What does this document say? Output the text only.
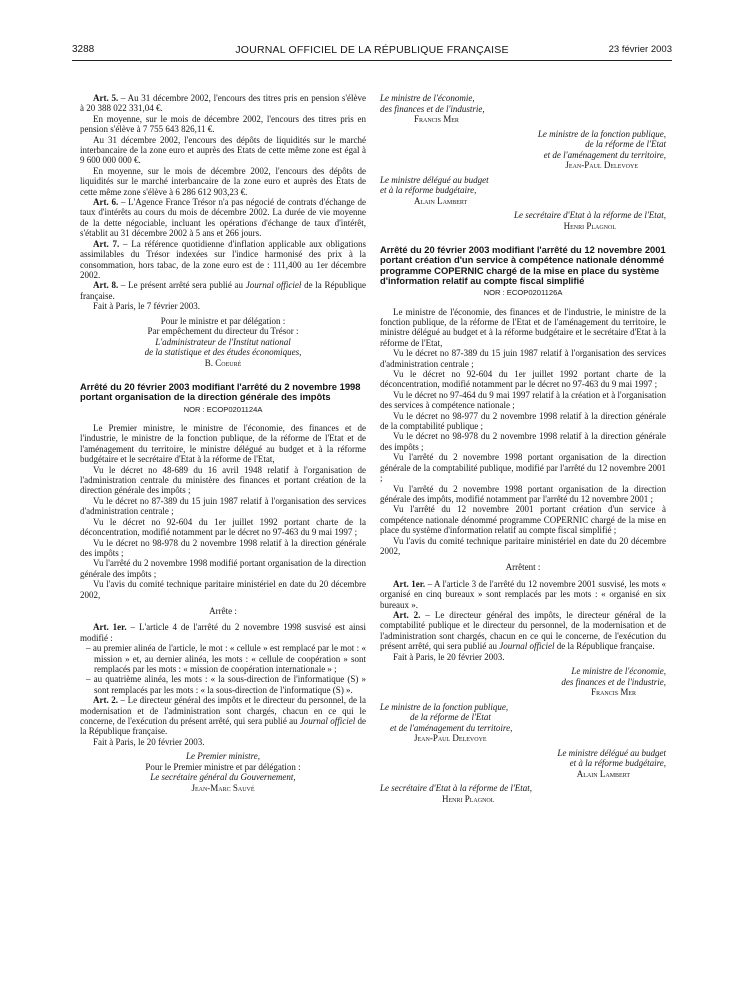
3288	JOURNAL OFFICIEL DE LA RÉPUBLIQUE FRANÇAISE	23 février 2003

Art. 5. – Au 31 décembre 2002, l'encours des titres pris en pension s'élève à 20 388 022 331,04 €.

En moyenne, sur le mois de décembre 2002, l'encours des titres pris en pension s'élève à 7 755 643 826,11 €.

Au 31 décembre 2002, l'encours des dépôts de liquidités sur le marché interbancaire de la zone euro et auprès des Etats de cette même zone est égal à 9 600 000 000 €.

En moyenne, sur le mois de décembre 2002, l'encours des dépôts de liquidités sur le marché interbancaire de la zone euro et auprès des Etats de cette même zone s'élève à 6 286 612 903,23 €.

Art. 6. – L'Agence France Trésor n'a pas négocié de contrats d'échange de taux d'intérêts au cours du mois de décembre 2002. La durée de vie moyenne de la dette négociable, incluant les opérations d'échange de taux d'intérêt, s'établit au 31 décembre 2002 à 5 ans et 266 jours.

Art. 7. – La référence quotidienne d'inflation applicable aux obligations assimilables du Trésor indexées sur l'indice harmonisé des prix à la consommation, hors tabac, de la zone euro est de : 111,400 au 1er décembre 2002.

Art. 8. – Le présent arrêté sera publié au Journal officiel de la République française.

Fait à Paris, le 7 février 2003.

Pour le ministre et par délégation :
Par empêchement du directeur du Trésor :
L'administrateur de l'Institut national
de la statistique et des études économiques,
B. Coeuré

Arrêté du 20 février 2003 modifiant l'arrêté du 2 novembre 1998 portant organisation de la direction générale des impôts

NOR : ECOP0201124A

Le Premier ministre, le ministre de l'économie, des finances et de l'industrie, le ministre de la fonction publique, de la réforme de l'Etat et de l'aménagement du territoire, le ministre délégué au budget et à la réforme budgétaire et le secrétaire d'Etat à la réforme de l'Etat,

Vu le décret no 48-689 du 16 avril 1948 relatif à l'organisation de l'administration centrale du ministère des finances et portant création de la direction générale des impôts ;

Vu le décret no 87-389 du 15 juin 1987 relatif à l'organisation des services d'administration centrale ;

Vu le décret no 92-604 du 1er juillet 1992 portant charte de la déconcentration, modifié notamment par le décret no 97-463 du 9 mai 1997 ;

Vu le décret no 98-978 du 2 novembre 1998 relatif à la direction générale des impôts ;

Vu l'arrêté du 2 novembre 1998 modifié portant organisation de la direction générale des impôts ;

Vu l'avis du comité technique paritaire ministériel en date du 20 décembre 2002,

Arrête :

Art. 1er. – L'article 4 de l'arrêté du 2 novembre 1998 susvisé est ainsi modifié :

– au premier alinéa de l'article, le mot : « cellule » est remplacé par le mot : « mission » et, au dernier alinéa, les mots : « cellule de coopération » sont remplacés par les mots : « mission de coopération internationale » ;

– au quatrième alinéa, les mots : « la sous-direction de l'informatique (S) » sont remplacés par les mots : « la sous-direction de l'informatique (S) ».

Art. 2. – Le directeur général des impôts et le directeur du personnel, de la modernisation et de l'administration sont chargés, chacun en ce qui le concerne, de l'exécution du présent arrêté, qui sera publié au Journal officiel de la République française.

Fait à Paris, le 20 février 2003.

Le Premier ministre,
Pour le Premier ministre et par délégation :
Le secrétaire général du Gouvernement,
Jean-Marc Sauvé
Le ministre de l'économie,
des finances et de l'industrie,
Francis Mer
Le ministre de la fonction publique,
de la réforme de l'Etat
et de l'aménagement du territoire,
Jean-Paul Delevoye
Le ministre délégué au budget
et à la réforme budgétaire,
Alain Lambert
Le secrétaire d'Etat à la réforme de l'Etat,
Henri Plagnol

Arrêté du 20 février 2003 modifiant l'arrêté du 12 novembre 2001 portant création d'un service à compétence nationale dénommé programme COPERNIC chargé de la mise en place du système d'information relatif au compte fiscal simplifié

NOR : ECOP0201126A

Le ministre de l'économie, des finances et de l'industrie, le ministre de la fonction publique, de la réforme de l'Etat et de l'aménagement du territoire, le ministre délégué au budget et à la réforme budgétaire et le secrétaire d'Etat à la réforme de l'Etat,

Vu le décret no 87-389 du 15 juin 1987 relatif à l'organisation des services d'administration centrale ;

Vu le décret no 92-604 du 1er juillet 1992 portant charte de la déconcentration, modifié notamment par le décret no 97-463 du 9 mai 1997 ;

Vu le décret no 97-464 du 9 mai 1997 relatif à la création et à l'organisation des services à compétence nationale ;

Vu le décret no 98-977 du 2 novembre 1998 relatif à la direction générale de la comptabilité publique ;

Vu le décret no 98-978 du 2 novembre 1998 relatif à la direction générale des impôts ;

Vu l'arrêté du 2 novembre 1998 portant organisation de la direction générale de la comptabilité publique, modifié par l'arrêté du 12 novembre 2001 ;

Vu l'arrêté du 2 novembre 1998 portant organisation de la direction générale des impôts, modifié notamment par l'arrêté du 12 novembre 2001 ;

Vu l'arrêté du 12 novembre 2001 portant création d'un service à compétence nationale dénommé programme COPERNIC chargé de la mise en place du système d'information relatif au compte fiscal simplifié ;

Vu l'avis du comité technique paritaire ministériel en date du 20 décembre 2002,

Arrêtent :

Art. 1er. – A l'article 3 de l'arrêté du 12 novembre 2001 susvisé, les mots « organisé en cinq bureaux » sont remplacés par les mots : « organisé en six bureaux ».

Art. 2. – Le directeur général des impôts, le directeur général de la comptabilité publique et le directeur du personnel, de la modernisation et de l'administration sont chargés, chacun en ce qui le concerne, de l'exécution du présent arrêté, qui sera publié au Journal officiel de la République française.

Fait à Paris, le 20 février 2003.

Le ministre de l'économie,
des finances et de l'industrie,
Francis Mer
Le ministre de la fonction publique,
de la réforme de l'Etat
et de l'aménagement du territoire,
Jean-Paul Delevoye
Le ministre délégué au budget
et à la réforme budgétaire,
Alain Lambert
Le secrétaire d'Etat à la réforme de l'Etat,
Henri Plagnol
